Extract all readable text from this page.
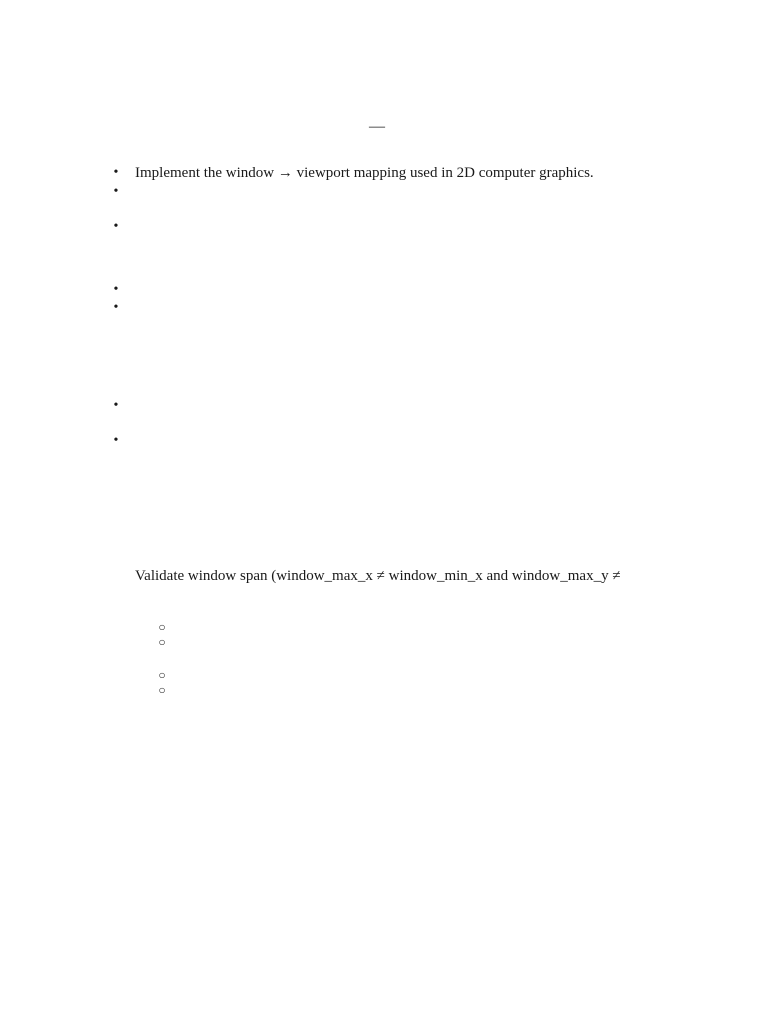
—
• Implement the window → viewport mapping used in 2D computer graphics.
•
•
•
•
•
•
Validate window span (window_max_x ≠ window_min_x and window_max_y ≠
○
○
○
○
